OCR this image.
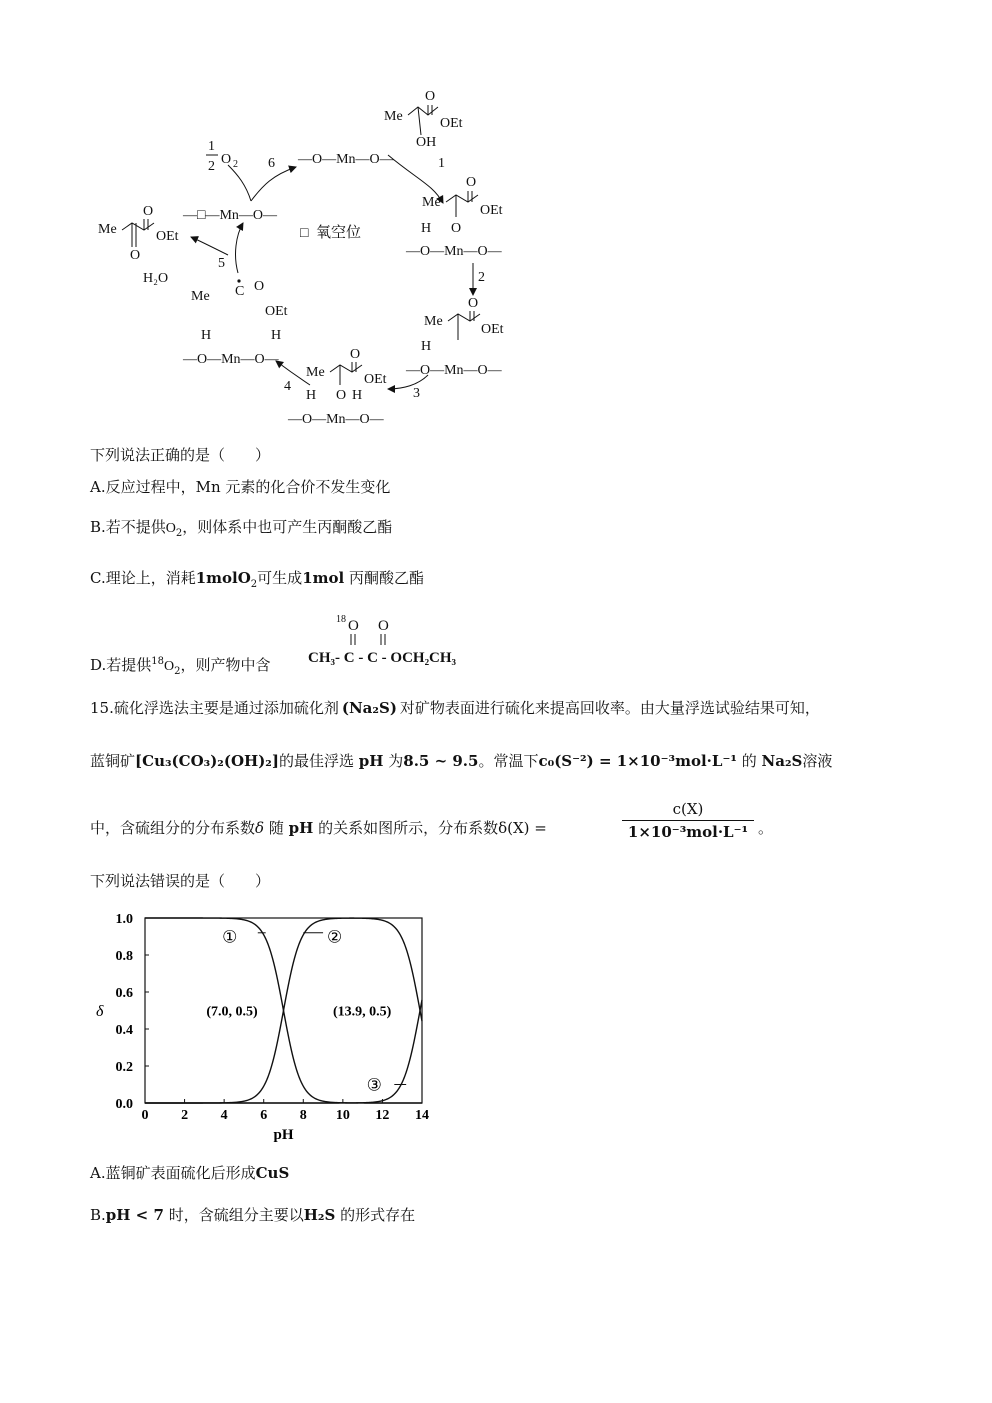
—O—Mn—O—
Me
O
OEt
OH
1
Me
O
OEt
H O
—O—Mn—O—
2
Me
O
OEt
H
—O—Mn—O—
3
Me
O
OEt
H O H
—O—Mn—O—
4
Me C O
OEt
H	H
—O—Mn—O—
5
—□—Mn—O—
□ 氧空位
Me
O
OEt
O
H₂O
1
2 O 2 6
下列说法正确的是（　　）
A.反应过程中，Mn 元素的化合价不发生变化
B.若不提供$O_2$，则体系中也可产生丙酮酸乙酯
C.理论上，消耗1molO$_2$可生成1mol 丙酮酸乙酯
D.若提供$^{18}O_2$，则产物中含
18 O O
CH₃- C - C - OCH₂CH₃
15.硫化浮选法主要是通过添加硫化剂 (Na₂S) 对矿物表面进行硫化来提高回收率。由大量浮选试验结果可知，
蓝铜矿[Cu₃(CO₃)₂(OH)₂]的最佳浮选 pH 为8.5 ~ 9.5。常温下c₀(S⁻²) = 1×10⁻³mol·L⁻¹ 的 Na₂S溶液
中，含硫组分的分布系数δ 随 pH 的关系如图所示，分布系数δ(X) =
c(X)
1×10⁻³mol·L⁻¹ 。
下列说法错误的是（　　）
0 2 4 6 8 10 12 14
0.0
0.2
0.4
0.6
0.8
1.0
pH
δ
①	②
③
(7.0, 0.5)	(13.9, 0.5)
A.蓝铜矿表面硫化后形成CuS
B.pH < 7 时，含硫组分主要以H₂S 的形式存在
